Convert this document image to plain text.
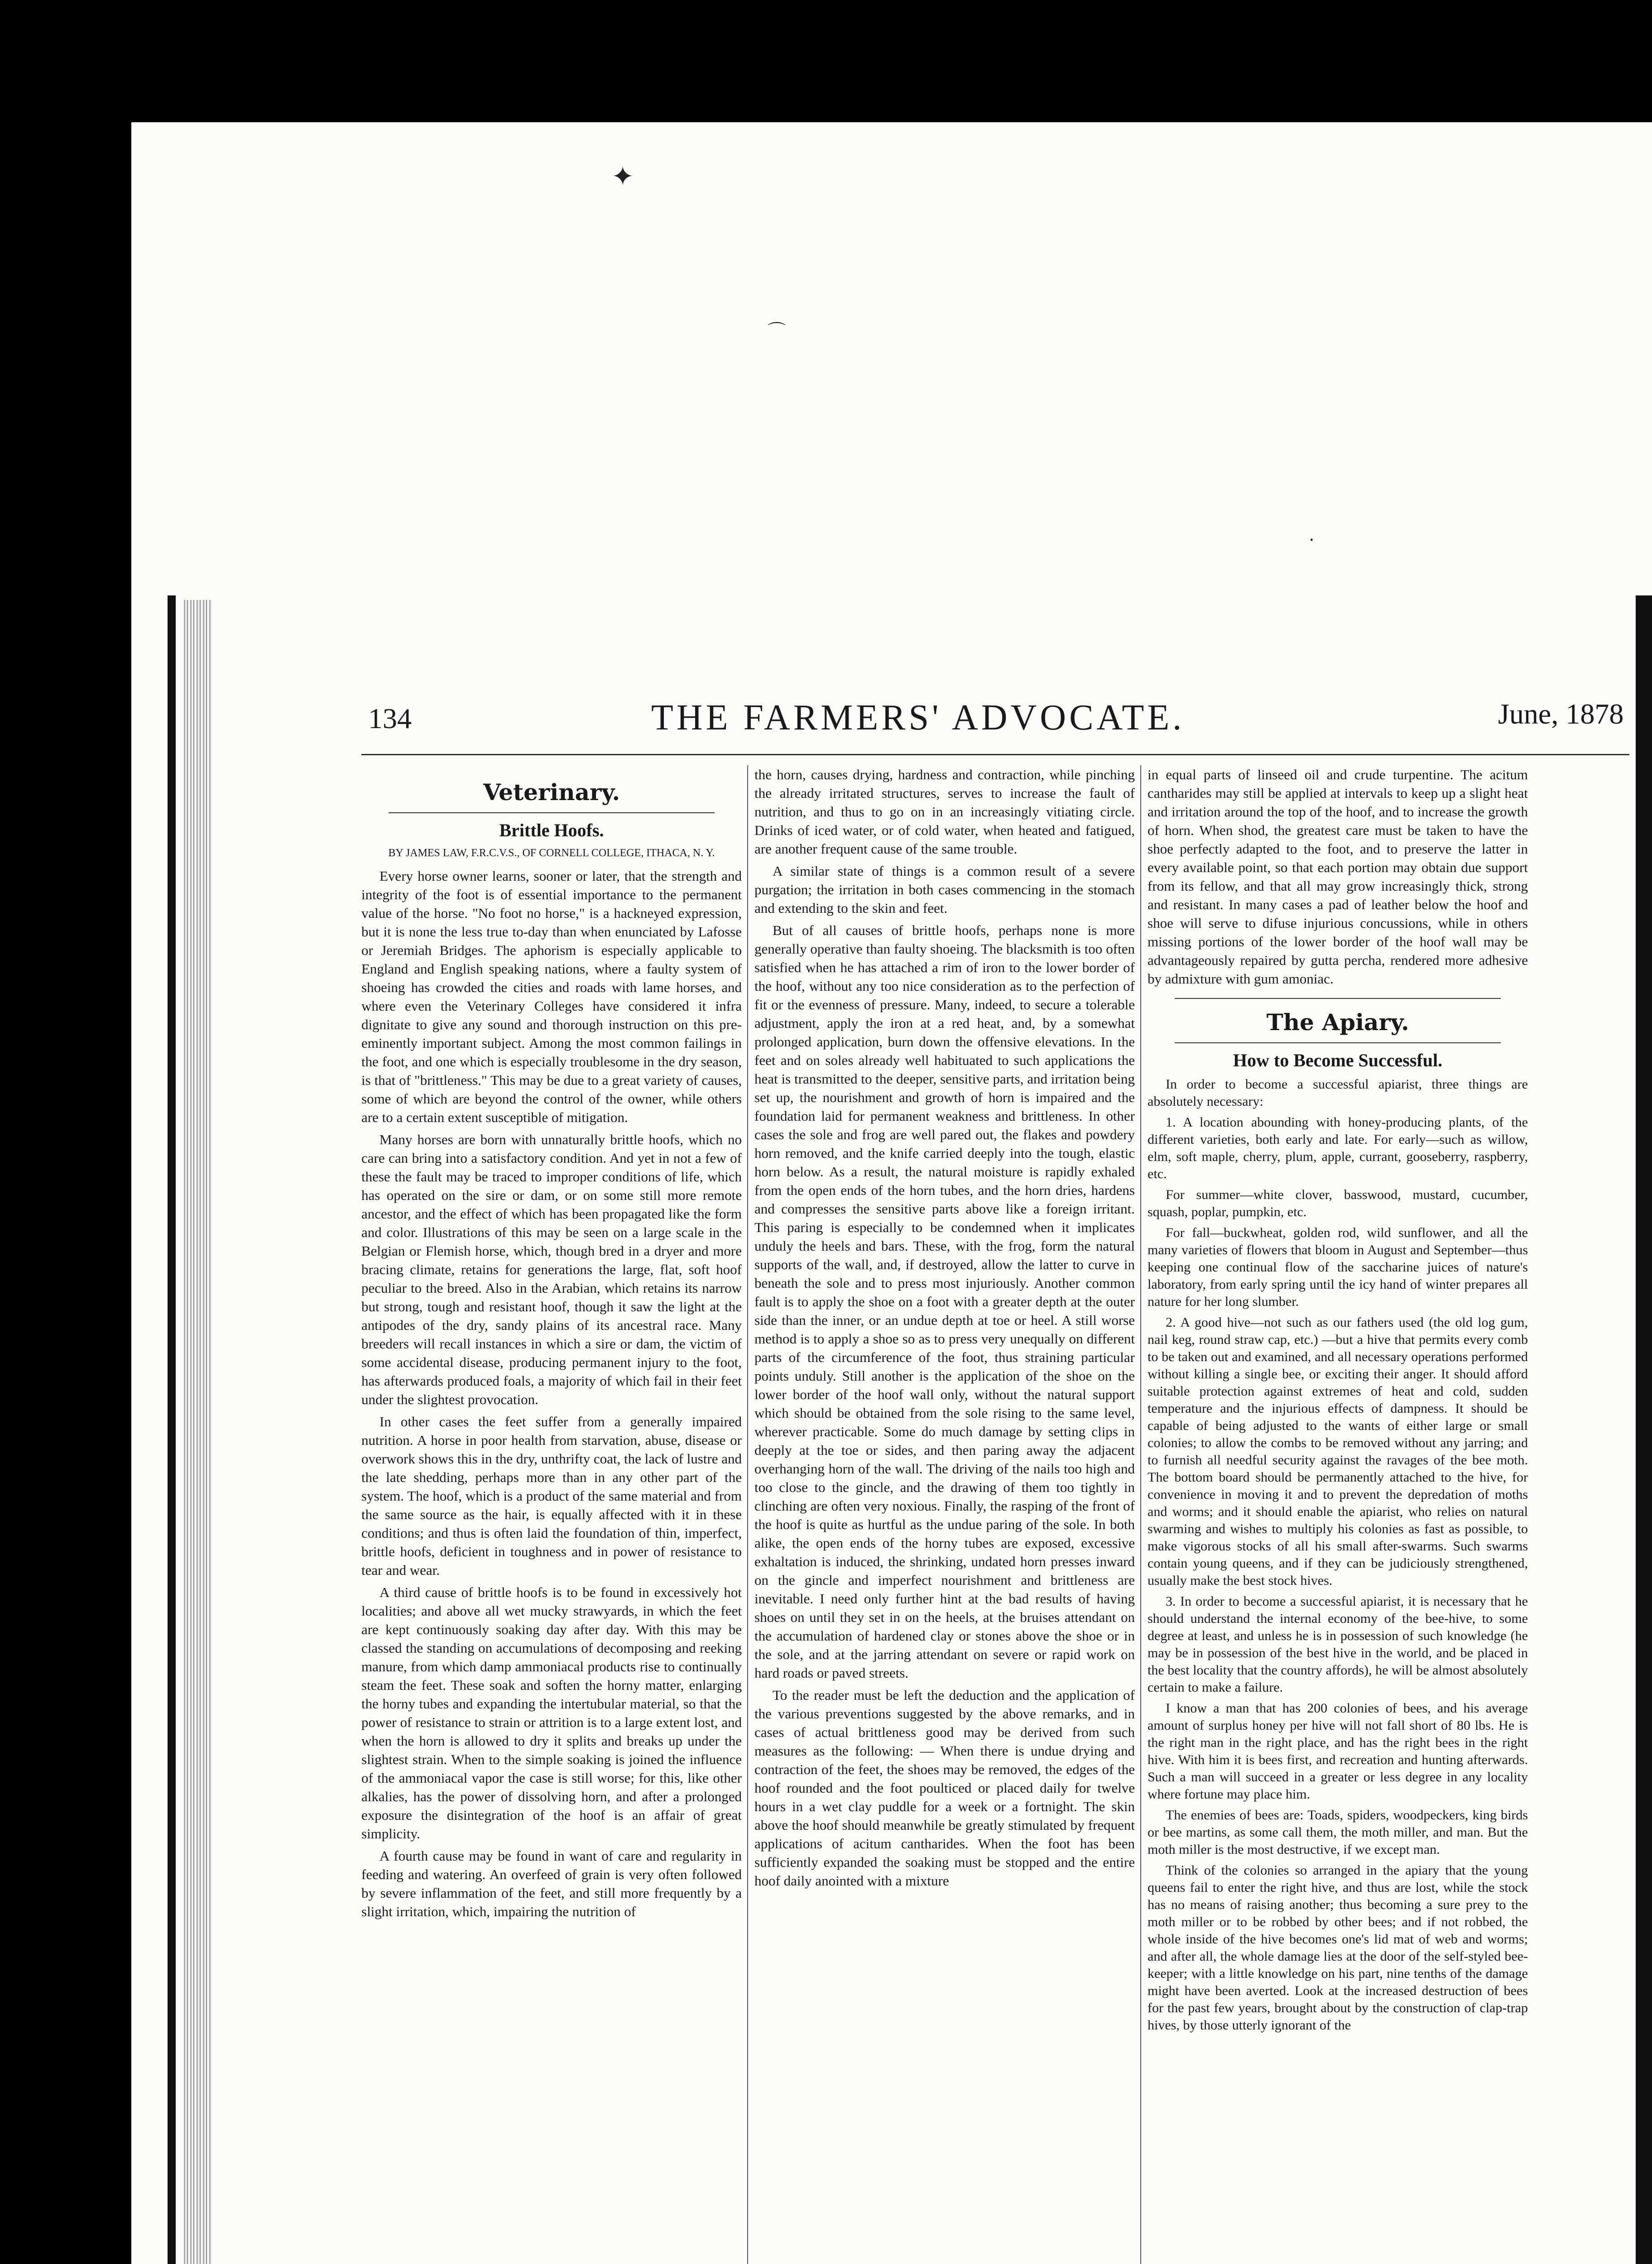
✦
⌒
·
134	THE FARMERS' ADVOCATE.	June, 1878
Veterinary.
Brittle Hoofs.
BY JAMES LAW, F.R.C.V.S., OF CORNELL COLLEGE, ITHACA, N. Y.

Every horse owner learns, sooner or later, that the strength and integrity of the foot is of essential importance to the permanent value of the horse. "No foot no horse," is a hackneyed expression, but it is none the less true to-day than when enunciated by Lafosse or Jeremiah Bridges. The aphorism is especially applicable to England and English speaking nations, where a faulty system of shoeing has crowded the cities and roads with lame horses, and where even the Veterinary Colleges have considered it infra dignitate to give any sound and thorough instruction on this pre-eminently important subject. Among the most common failings in the foot, and one which is especially troublesome in the dry season, is that of "brittleness." This may be due to a great variety of causes, some of which are beyond the control of the owner, while others are to a certain extent susceptible of mitigation.

Many horses are born with unnaturally brittle hoofs, which no care can bring into a satisfactory condition. And yet in not a few of these the fault may be traced to improper conditions of life, which has operated on the sire or dam, or on some still more remote ancestor, and the effect of which has been propagated like the form and color. Illustrations of this may be seen on a large scale in the Belgian or Flemish horse, which, though bred in a dryer and more bracing climate, retains for generations the large, flat, soft hoof peculiar to the breed. Also in the Arabian, which retains its narrow but strong, tough and resistant hoof, though it saw the light at the antipodes of the dry, sandy plains of its ancestral race. Many breeders will recall instances in which a sire or dam, the victim of some accidental disease, producing permanent injury to the foot, has afterwards produced foals, a majority of which fail in their feet under the slightest provocation.

In other cases the feet suffer from a generally impaired nutrition. A horse in poor health from starvation, abuse, disease or overwork shows this in the dry, unthrifty coat, the lack of lustre and the late shedding, perhaps more than in any other part of the system. The hoof, which is a product of the same material and from the same source as the hair, is equally affected with it in these conditions; and thus is often laid the foundation of thin, imperfect, brittle hoofs, deficient in toughness and in power of resistance to tear and wear.

A third cause of brittle hoofs is to be found in excessively hot localities; and above all wet mucky strawyards, in which the feet are kept continuously soaking day after day. With this may be classed the standing on accumulations of decomposing and reeking manure, from which damp ammoniacal products rise to continually steam the feet. These soak and soften the horny matter, enlarging the horny tubes and expanding the intertubular material, so that the power of resistance to strain or attrition is to a large extent lost, and when the horn is allowed to dry it splits and breaks up under the slightest strain. When to the simple soaking is joined the influence of the ammoniacal vapor the case is still worse; for this, like other alkalies, has the power of dissolving horn, and after a prolonged exposure the disintegration of the hoof is an affair of great simplicity.

A fourth cause may be found in want of care and regularity in feeding and watering. An overfeed of grain is very often followed by severe inflammation of the feet, and still more frequently by a slight irritation, which, impairing the nutrition of

the horn, causes drying, hardness and contraction, while pinching the already irritated structures, serves to increase the fault of nutrition, and thus to go on in an increasingly vitiating circle. Drinks of iced water, or of cold water, when heated and fatigued, are another frequent cause of the same trouble.

A similar state of things is a common result of a severe purgation; the irritation in both cases commencing in the stomach and extending to the skin and feet.

But of all causes of brittle hoofs, perhaps none is more generally operative than faulty shoeing. The blacksmith is too often satisfied when he has attached a rim of iron to the lower border of the hoof, without any too nice consideration as to the perfection of fit or the evenness of pressure. Many, indeed, to secure a tolerable adjustment, apply the iron at a red heat, and, by a somewhat prolonged application, burn down the offensive elevations. In the feet and on soles already well habituated to such applications the heat is transmitted to the deeper, sensitive parts, and irritation being set up, the nourishment and growth of horn is impaired and the foundation laid for permanent weakness and brittleness. In other cases the sole and frog are well pared out, the flakes and powdery horn removed, and the knife carried deeply into the tough, elastic horn below. As a result, the natural moisture is rapidly exhaled from the open ends of the horn tubes, and the horn dries, hardens and compresses the sensitive parts above like a foreign irritant. This paring is especially to be condemned when it implicates unduly the heels and bars. These, with the frog, form the natural supports of the wall, and, if destroyed, allow the latter to curve in beneath the sole and to press most injuriously. Another common fault is to apply the shoe on a foot with a greater depth at the outer side than the inner, or an undue depth at toe or heel. A still worse method is to apply a shoe so as to press very unequally on different parts of the circumference of the foot, thus straining particular points unduly. Still another is the application of the shoe on the lower border of the hoof wall only, without the natural support which should be obtained from the sole rising to the same level, wherever practicable. Some do much damage by setting clips in deeply at the toe or sides, and then paring away the adjacent overhanging horn of the wall. The driving of the nails too high and too close to the gincle, and the drawing of them too tightly in clinching are often very noxious. Finally, the rasping of the front of the hoof is quite as hurtful as the undue paring of the sole. In both alike, the open ends of the horny tubes are exposed, excessive exhaltation is induced, the shrinking, undated horn presses inward on the gincle and imperfect nourishment and brittleness are inevitable. I need only further hint at the bad results of having shoes on until they set in on the heels, at the bruises attendant on the accumulation of hardened clay or stones above the shoe or in the sole, and at the jarring attendant on severe or rapid work on hard roads or paved streets.

To the reader must be left the deduction and the application of the various preventions suggested by the above remarks, and in cases of actual brittleness good may be derived from such measures as the following: — When there is undue drying and contraction of the feet, the shoes may be removed, the edges of the hoof rounded and the foot poulticed or placed daily for twelve hours in a wet clay puddle for a week or a fortnight. The skin above the hoof should meanwhile be greatly stimulated by frequent applications of acitum cantharides. When the foot has been sufficiently expanded the soaking must be stopped and the entire hoof daily anointed with a mixture

in equal parts of linseed oil and crude turpentine. The acitum cantharides may still be applied at intervals to keep up a slight heat and irritation around the top of the hoof, and to increase the growth of horn. When shod, the greatest care must be taken to have the shoe perfectly adapted to the foot, and to preserve the latter in every available point, so that each portion may obtain due support from its fellow, and that all may grow increasingly thick, strong and resistant. In many cases a pad of leather below the hoof and shoe will serve to difuse injurious concussions, while in others missing portions of the lower border of the hoof wall may be advantageously repaired by gutta percha, rendered more adhesive by admixture with gum amoniac.

The Apiary.
How to Become Successful.

In order to become a successful apiarist, three things are absolutely necessary:

1. A location abounding with honey-producing plants, of the different varieties, both early and late. For early—such as willow, elm, soft maple, cherry, plum, apple, currant, gooseberry, raspberry, etc.

For summer—white clover, basswood, mustard, cucumber, squash, poplar, pumpkin, etc.

For fall—buckwheat, golden rod, wild sunflower, and all the many varieties of flowers that bloom in August and September—thus keeping one continual flow of the saccharine juices of nature's laboratory, from early spring until the icy hand of winter prepares all nature for her long slumber.

2. A good hive—not such as our fathers used (the old log gum, nail keg, round straw cap, etc.) —but a hive that permits every comb to be taken out and examined, and all necessary operations performed without killing a single bee, or exciting their anger. It should afford suitable protection against extremes of heat and cold, sudden temperature and the injurious effects of dampness. It should be capable of being adjusted to the wants of either large or small colonies; to allow the combs to be removed without any jarring; and to furnish all needful security against the ravages of the bee moth. The bottom board should be permanently attached to the hive, for convenience in moving it and to prevent the depredation of moths and worms; and it should enable the apiarist, who relies on natural swarming and wishes to multiply his colonies as fast as possible, to make vigorous stocks of all his small after-swarms. Such swarms contain young queens, and if they can be judiciously strengthened, usually make the best stock hives.

3. In order to become a successful apiarist, it is necessary that he should understand the internal economy of the bee-hive, to some degree at least, and unless he is in possession of such knowledge (he may be in possession of the best hive in the world, and be placed in the best locality that the country affords), he will be almost absolutely certain to make a failure.

I know a man that has 200 colonies of bees, and his average amount of surplus honey per hive will not fall short of 80 lbs. He is the right man in the right place, and has the right bees in the right hive. With him it is bees first, and recreation and hunting afterwards. Such a man will succeed in a greater or less degree in any locality where fortune may place him.

The enemies of bees are: Toads, spiders, woodpeckers, king birds or bee martins, as some call them, the moth miller, and man. But the moth miller is the most destructive, if we except man.

Think of the colonies so arranged in the apiary that the young queens fail to enter the right hive, and thus are lost, while the stock has no means of raising another; thus becoming a sure prey to the moth miller or to be robbed by other bees; and if not robbed, the whole inside of the hive becomes one's lid mat of web and worms; and after all, the whole damage lies at the door of the self-styled bee-keeper; with a little knowledge on his part, nine tenths of the damage might have been averted. Look at the increased destruction of bees for the past few years, brought about by the construction of clap-trap hives, by those utterly ignorant of the
